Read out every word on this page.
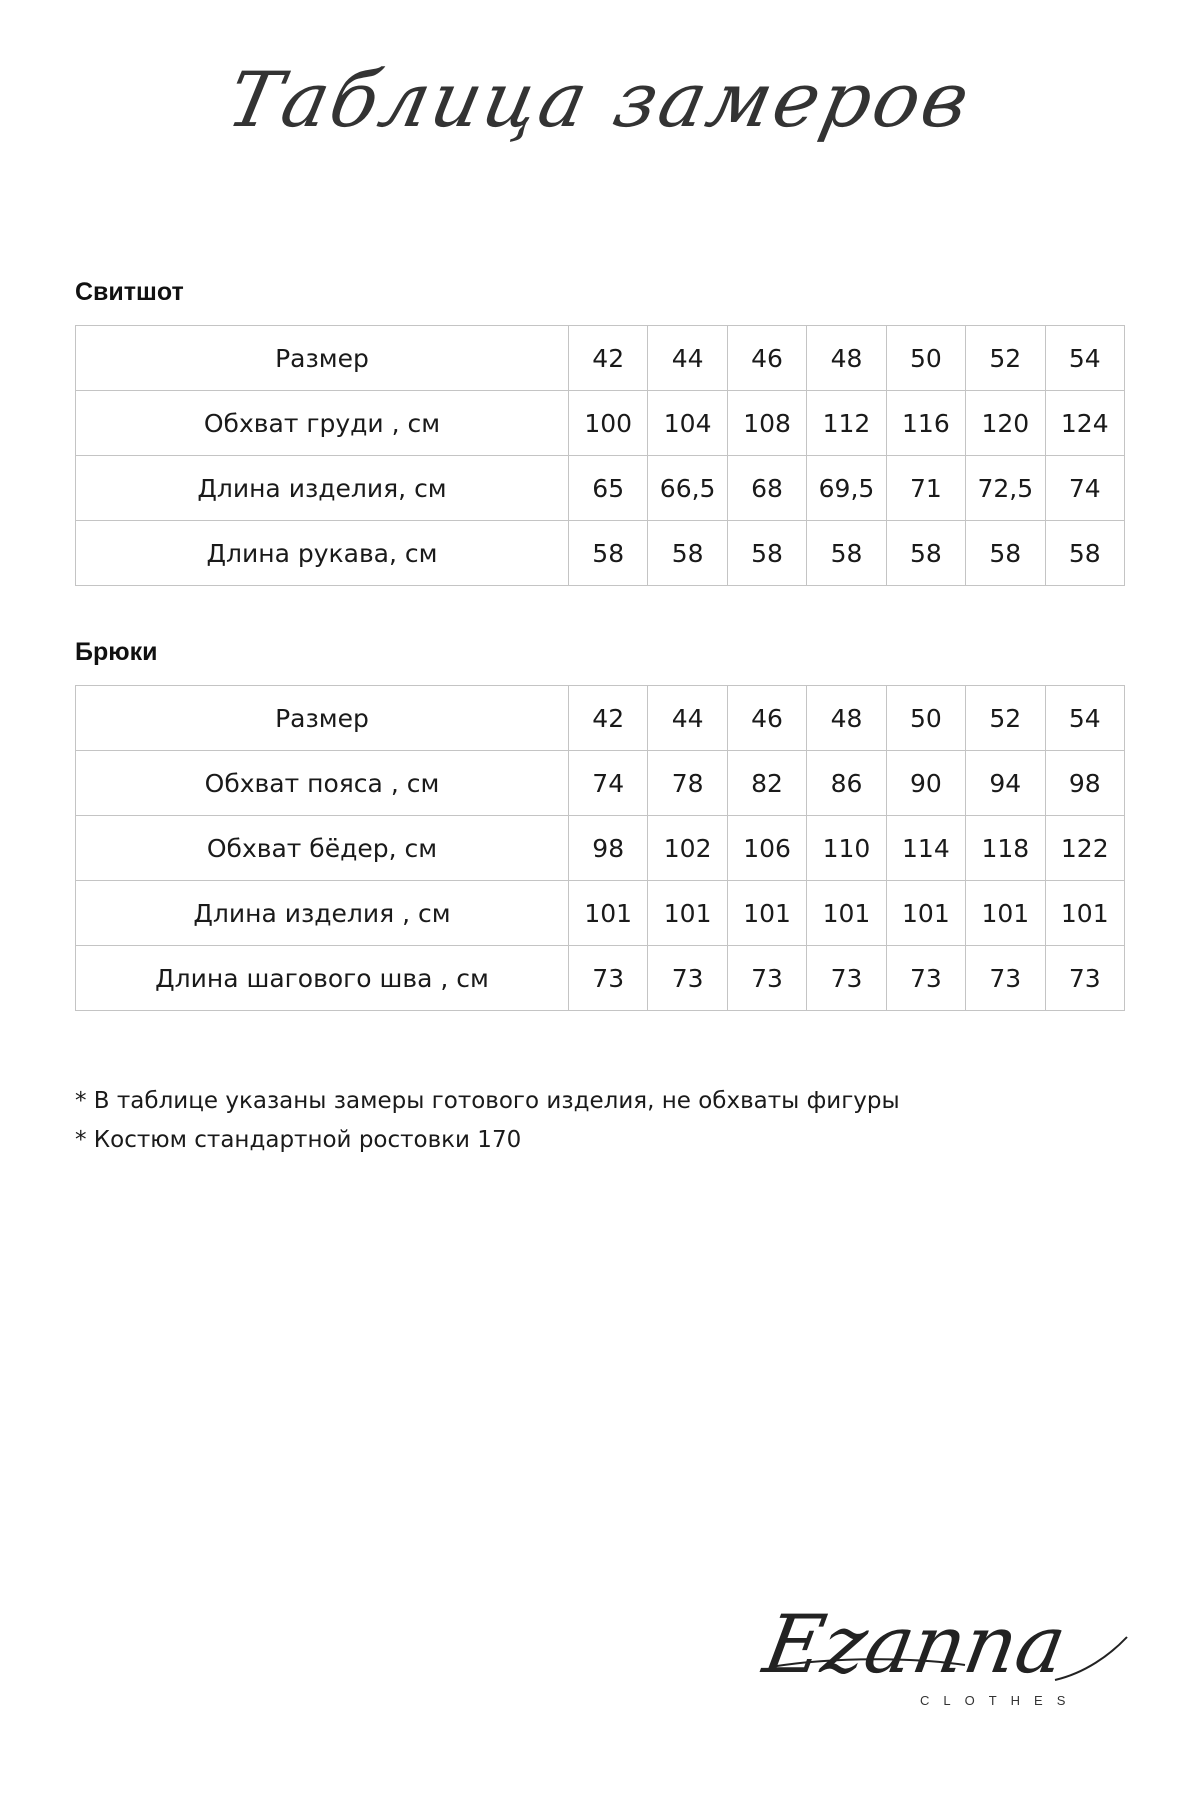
Таблица замеров
Свитшот
Размер	42	44	46	48	50	52	54
Обхват груди , см	100	104	108	112	116	120	124
Длина изделия, см	65	66,5	68	69,5	71	72,5	74
Длина рукава, см	58	58	58	58	58	58	58
Брюки
Размер	42	44	46	48	50	52	54
Обхват пояса , см	74	78	82	86	90	94	98
Обхват бёдер, см	98	102	106	110	114	118	122
Длина изделия , см	101	101	101	101	101	101	101
Длина шагового шва , см	73	73	73	73	73	73	73
* В таблице указаны замеры готового изделия, не обхваты фигуры
* Костюм стандартной ростовки 170
Ezanna
CLOTHES
